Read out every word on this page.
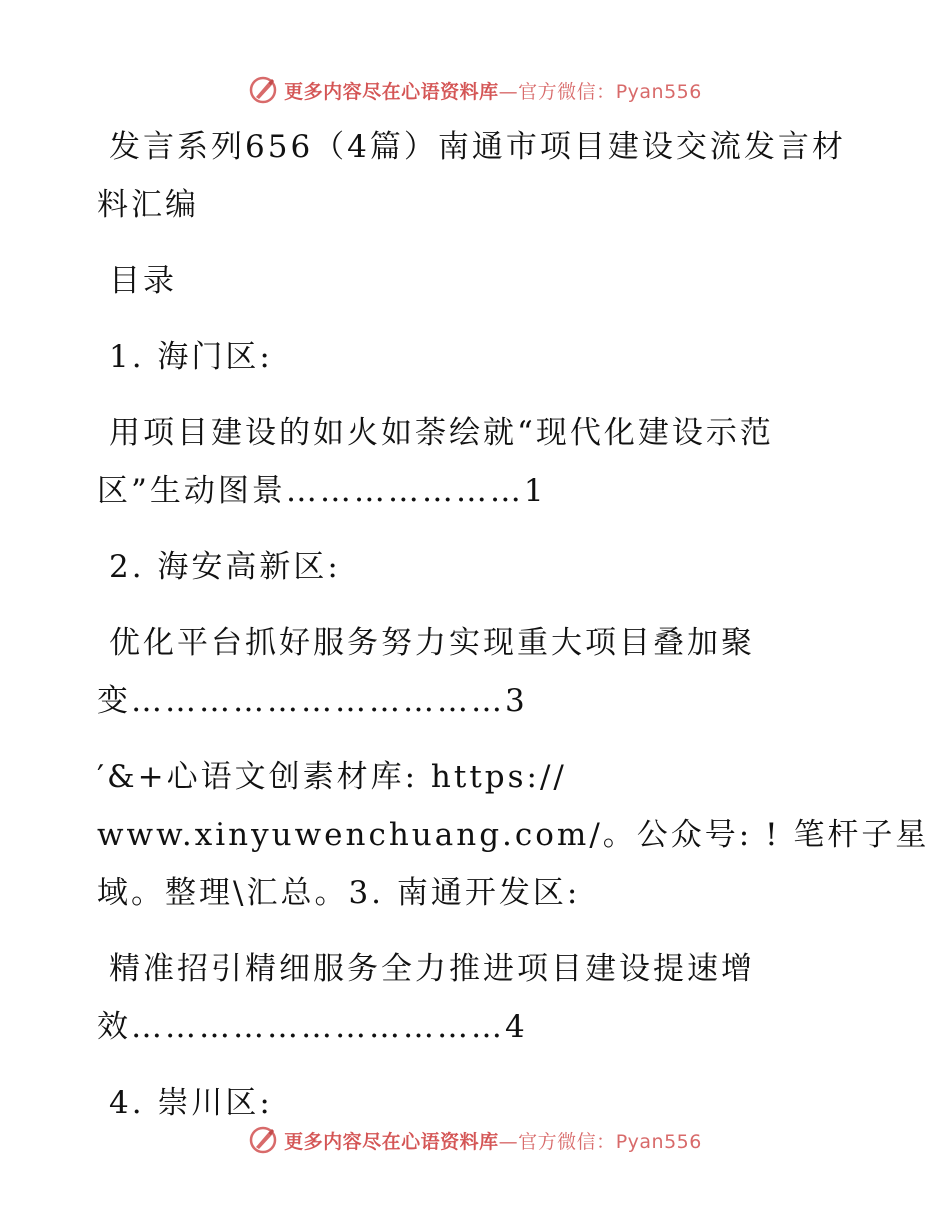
更多内容尽在心语资料库—官方微信：Pyan556
发言系列656（4篇）南通市项目建设交流发言材
料汇编
目录
1. 海门区:
用项目建设的如火如荼绘就“现代化建设示范
区”生动图景…………………1
2. 海安高新区:
优化平台抓好服务努力实现重大项目叠加聚
变……………………………3
′&+心语文创素材库: https://
www.xinyuwenchuang.com/。公众号: ! 笔杆子星
域。整理\汇总。3. 南通开发区:
精准招引精细服务全力推进项目建设提速增
效……………………………4
4. 崇川区:
更多内容尽在心语资料库—官方微信：Pyan556
